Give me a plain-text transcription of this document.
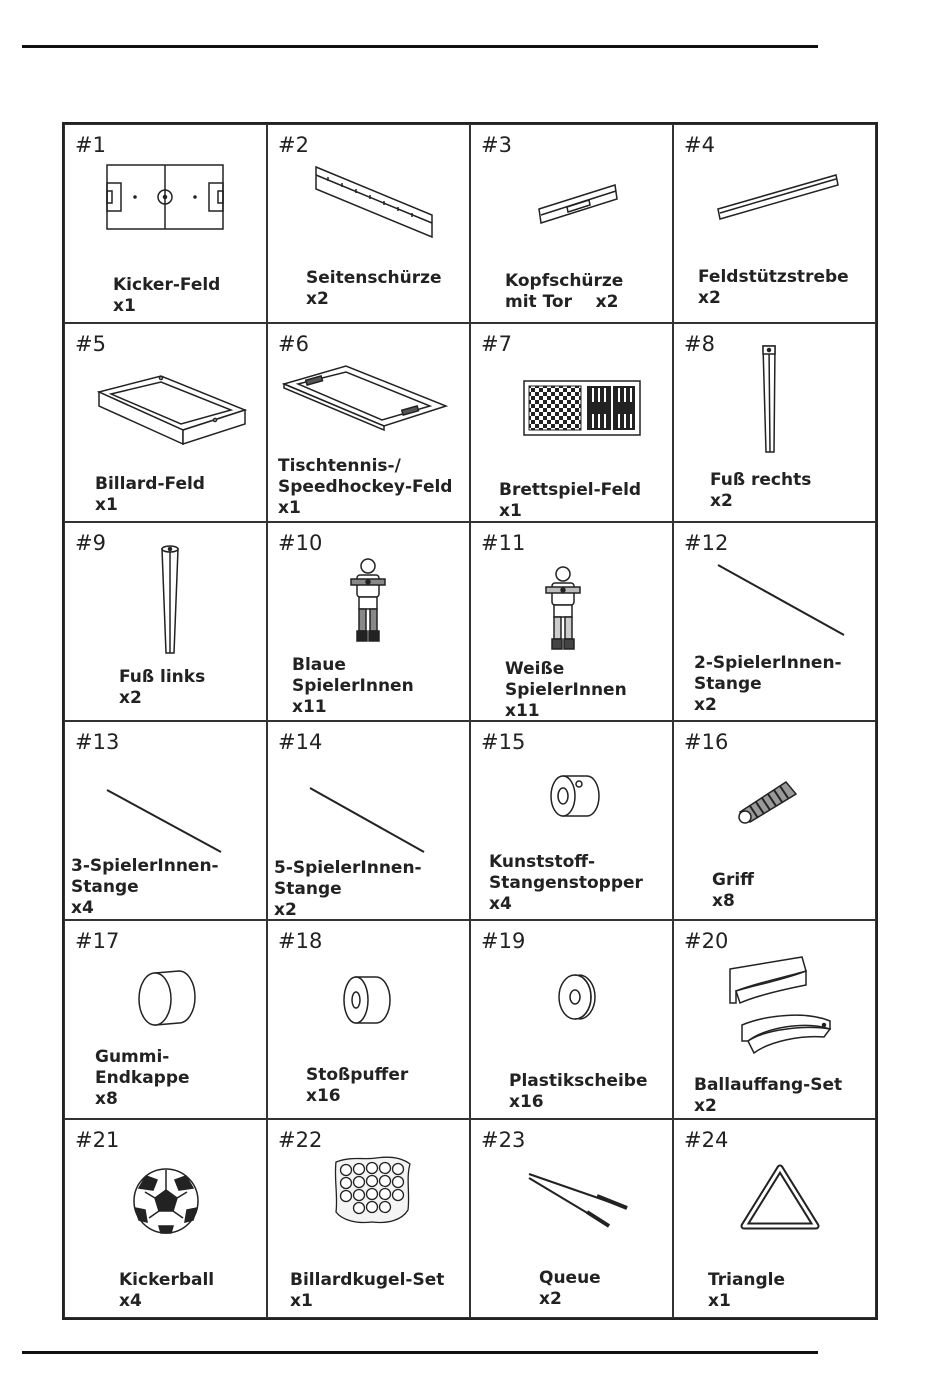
#1
Kicker-Feld
x1
#2
Seitenschürze
x2
#3
Kopfschürze
mit Tor    x2
#4
Feldstützstrebe
x2
#5
Billard-Feld
x1
#6
Tischtennis-/
Speedhockey-Feld
x1
#7
Brettspiel-Feld
x1
#8
Fuß rechts
x2
#9
Fuß links
x2
#10
Blaue
SpielerInnen
x11
#11
Weiße
SpielerInnen
x11
#12
2-SpielerInnen-
Stange
x2
#13
3-SpielerInnen-
Stange
x4
#14
5-SpielerInnen-
Stange
x2
#15
Kunststoff-
Stangenstopper
x4
#16
Griff
x8
#17
Gummi-
Endkappe
x8
#18
Stoßpuffer
x16
#19
Plastikscheibe
x16
#20
Ballauffang-Set
x2
#21
Kickerball
x4
#22
Billardkugel-Set
x1
#23
Queue
x2
#24
Triangle
x1
